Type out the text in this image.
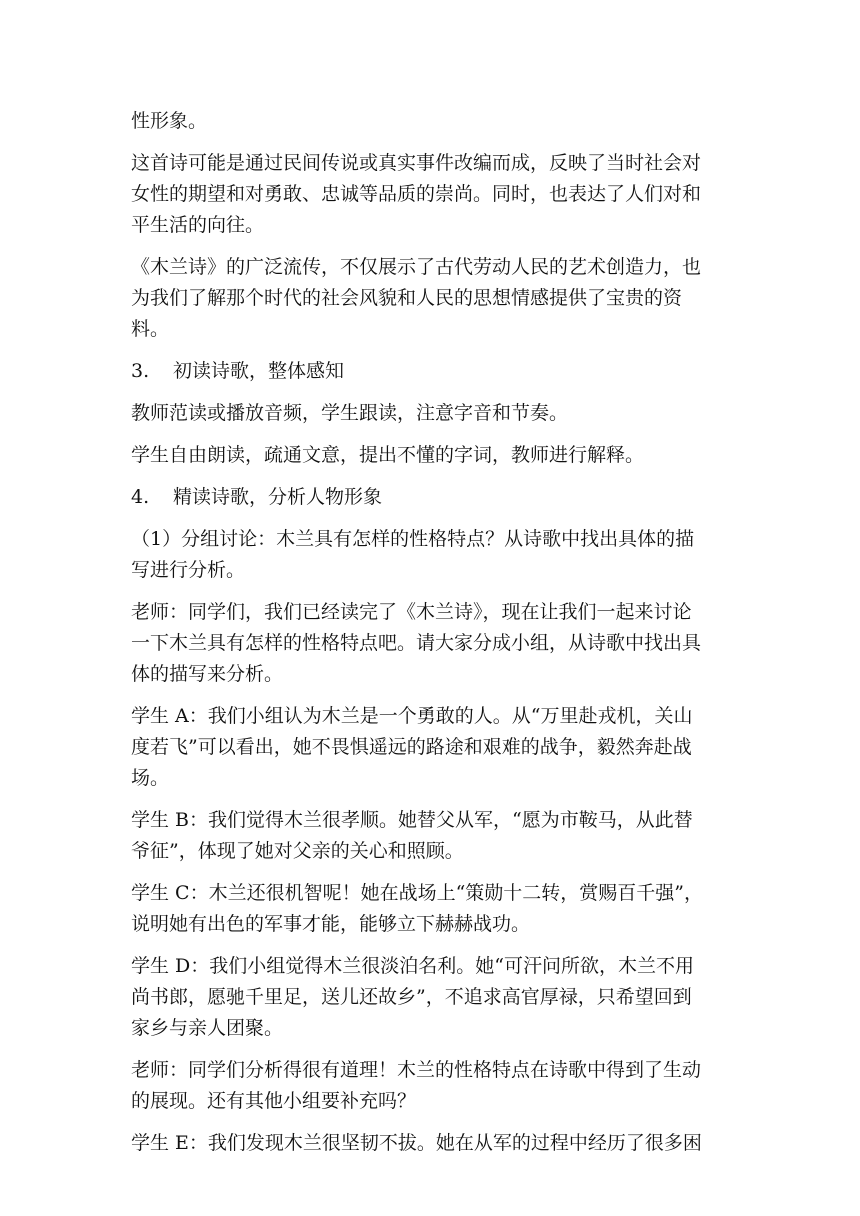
性形象。
这首诗可能是通过民间传说或真实事件改编而成，反映了当时社会对
女性的期望和对勇敢、忠诚等品质的崇尚。同时，也表达了人们对和
平生活的向往。
《木兰诗》的广泛流传，不仅展示了古代劳动人民的艺术创造力，也
为我们了解那个时代的社会风貌和人民的思想情感提供了宝贵的资
料。
3. 初读诗歌，整体感知
教师范读或播放音频，学生跟读，注意字音和节奏。
学生自由朗读，疏通文意，提出不懂的字词，教师进行解释。
4. 精读诗歌，分析人物形象
（1）分组讨论：木兰具有怎样的性格特点？从诗歌中找出具体的描
写进行分析。
老师：同学们，我们已经读完了《木兰诗》，现在让我们一起来讨论
一下木兰具有怎样的性格特点吧。请大家分成小组，从诗歌中找出具
体的描写来分析。
学生 A：我们小组认为木兰是一个勇敢的人。从“万里赴戎机，关山
度若飞”可以看出，她不畏惧遥远的路途和艰难的战争，毅然奔赴战
场。
学生 B：我们觉得木兰很孝顺。她替父从军，“愿为市鞍马，从此替
爷征”，体现了她对父亲的关心和照顾。
学生 C：木兰还很机智呢！她在战场上“策勋十二转，赏赐百千强”，
说明她有出色的军事才能，能够立下赫赫战功。
学生 D：我们小组觉得木兰很淡泊名利。她“可汗问所欲，木兰不用
尚书郎，愿驰千里足，送儿还故乡”，不追求高官厚禄，只希望回到
家乡与亲人团聚。
老师：同学们分析得很有道理！木兰的性格特点在诗歌中得到了生动
的展现。还有其他小组要补充吗？
学生 E：我们发现木兰很坚韧不拔。她在从军的过程中经历了很多困
